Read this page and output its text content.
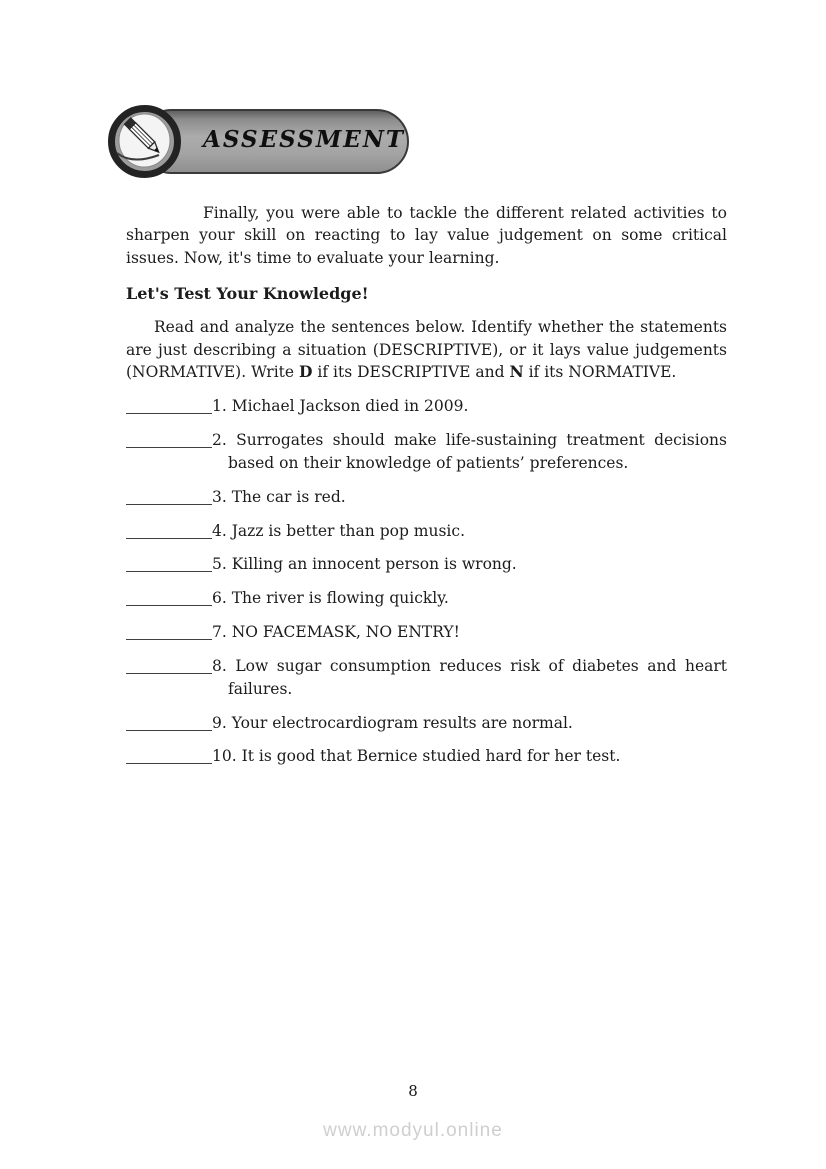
ASSESSMENT

Finally, you were able to tackle the different related activities to sharpen your skill on reacting to lay value judgement on some critical issues. Now, it's time to evaluate your learning.

Let's Test Your Knowledge!

Read and analyze the sentences below. Identify whether the statements are just describing a situation (DESCRIPTIVE), or it lays value judgements (NORMATIVE). Write D if its DESCRIPTIVE and N if its NORMATIVE.

1. Michael Jackson died in 2009.
2. Surrogates should make life-sustaining treatment decisions based on their knowledge of patients’ preferences.
3. The car is red.
4. Jazz is better than pop music.
5. Killing an innocent person is wrong.
6. The river is flowing quickly.
7. NO FACEMASK, NO ENTRY!
8. Low sugar consumption reduces risk of diabetes and heart failures.
9. Your electrocardiogram results are normal.
10. It is good that Bernice studied hard for her test.
8
www.modyul.online
